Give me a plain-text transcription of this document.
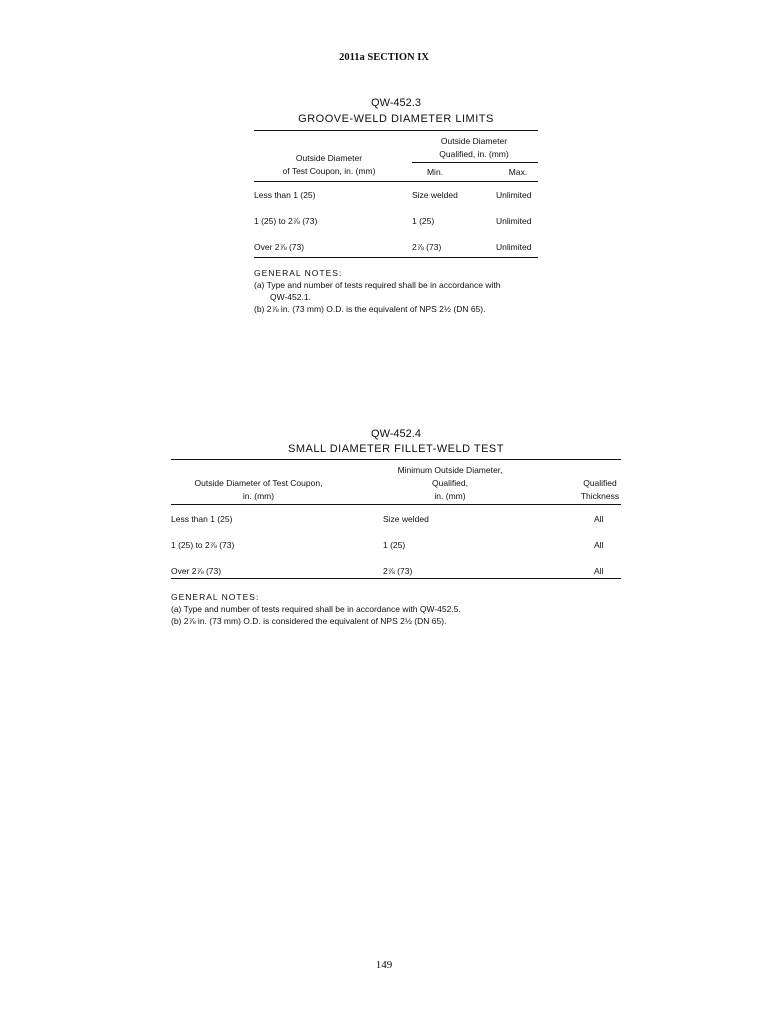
2011a SECTION IX
QW-452.3
GROOVE-WELD DIAMETER LIMITS
Outside Diameter
Qualified, in. (mm)
Outside Diameter
of Test Coupon, in. (mm)	Min.	Max.
Less than 1 (25)	Size welded	Unlimited
1 (25) to 2⅞ (73)	1 (25)	Unlimited
Over 2⅞ (73)	2⅞ (73)	Unlimited

GENERAL NOTES:

(a) Type and number of tests required shall be in accordance with

QW-452.1.

(b) 2⅞ in. (73 mm) O.D. is the equivalent of NPS 2½ (DN 65).

QW-452.4
SMALL DIAMETER FILLET-WELD TEST
Outside Diameter of Test Coupon,
in. (mm)
Minimum Outside Diameter,
Qualified,
in. (mm)
Qualified
Thickness
Less than 1 (25)	Size welded	All
1 (25) to 2⅞ (73)	1 (25)	All
Over 2⅞ (73)	2⅞ (73)	All

GENERAL NOTES:

(a) Type and number of tests required shall be in accordance with QW-452.5.

(b) 2⅞ in. (73 mm) O.D. is considered the equivalent of NPS 2½ (DN 65).

149
